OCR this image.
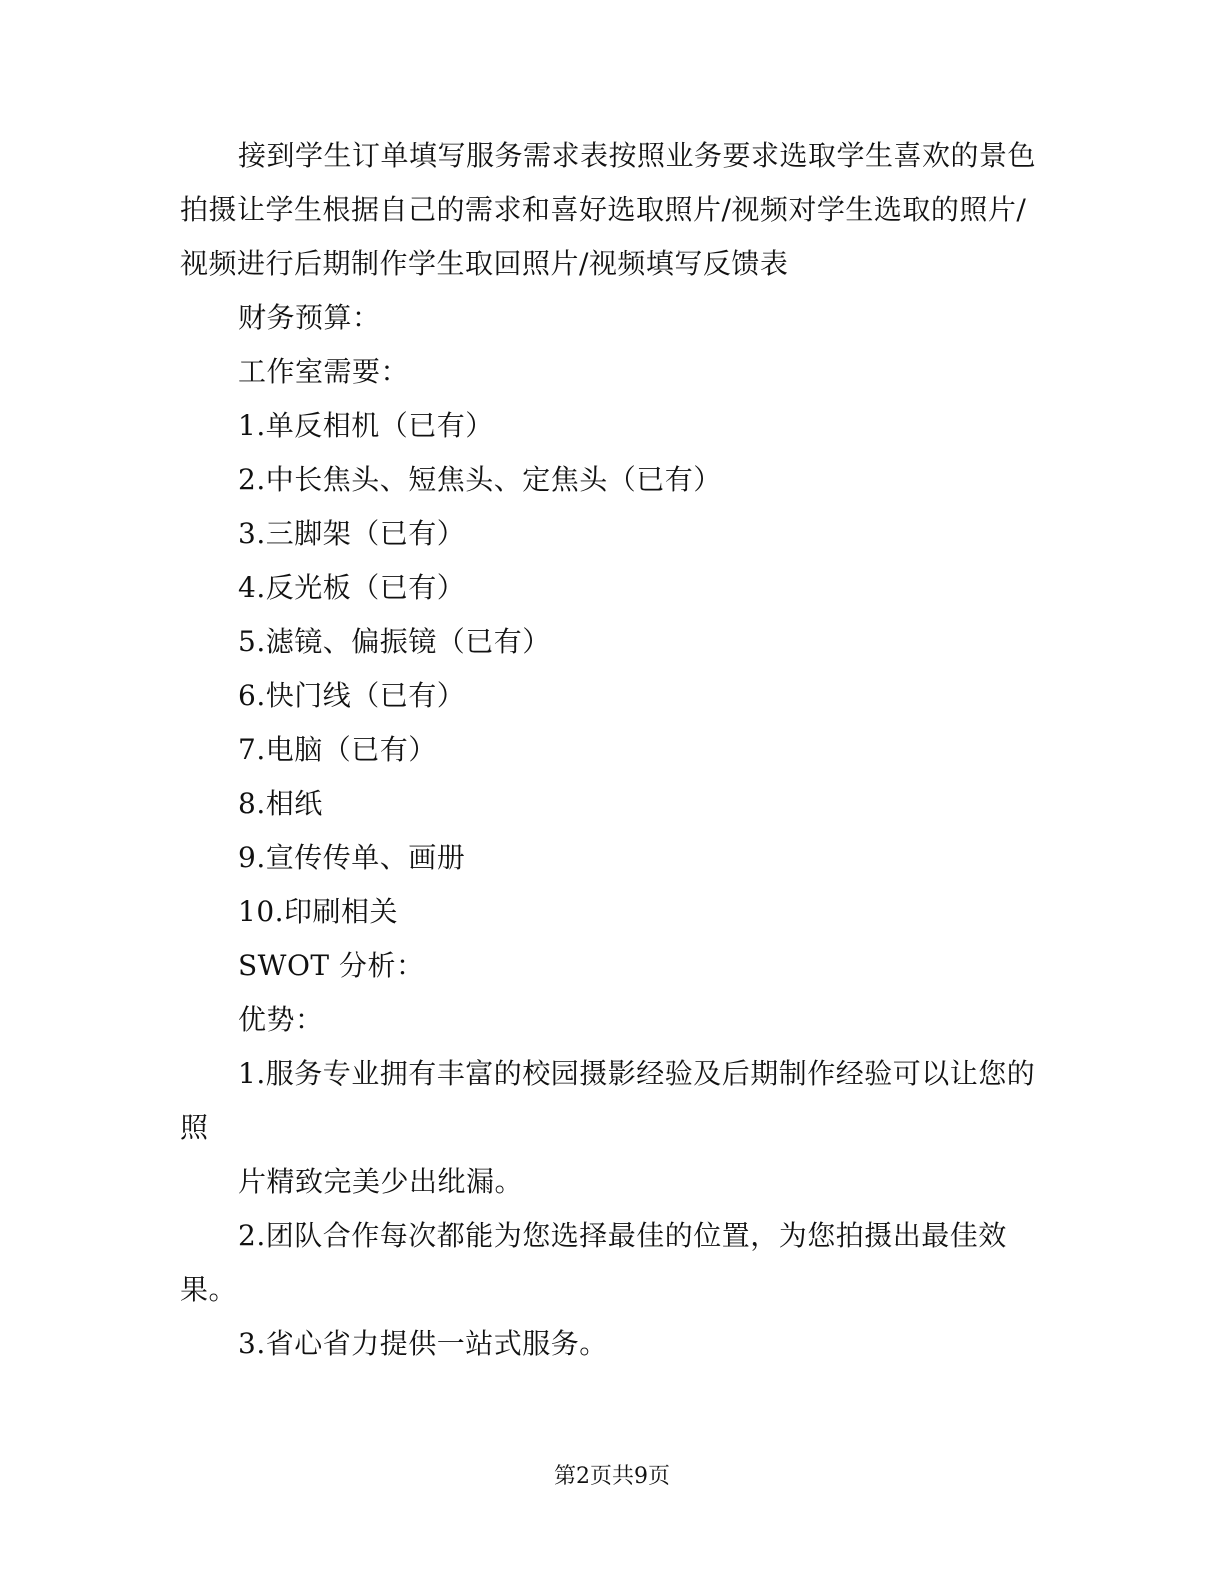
接到学生订单填写服务需求表按照业务要求选取学生喜欢的景色
拍摄让学生根据自己的需求和喜好选取照片/视频对学生选取的照片/
视频进行后期制作学生取回照片/视频填写反馈表
财务预算：
工作室需要：
1.单反相机（已有）
2.中长焦头、短焦头、定焦头（已有）
3.三脚架（已有）
4.反光板（已有）
5.滤镜、偏振镜（已有）
6.快门线（已有）
7.电脑（已有）
8.相纸
9.宣传传单、画册
10.印刷相关
SWOT 分析：
优势：
1.服务专业拥有丰富的校园摄影经验及后期制作经验可以让您的
照
片精致完美少出纰漏。
2.团队合作每次都能为您选择最佳的位置，为您拍摄出最佳效
果。
3.省心省力提供一站式服务。
第2页共9页
